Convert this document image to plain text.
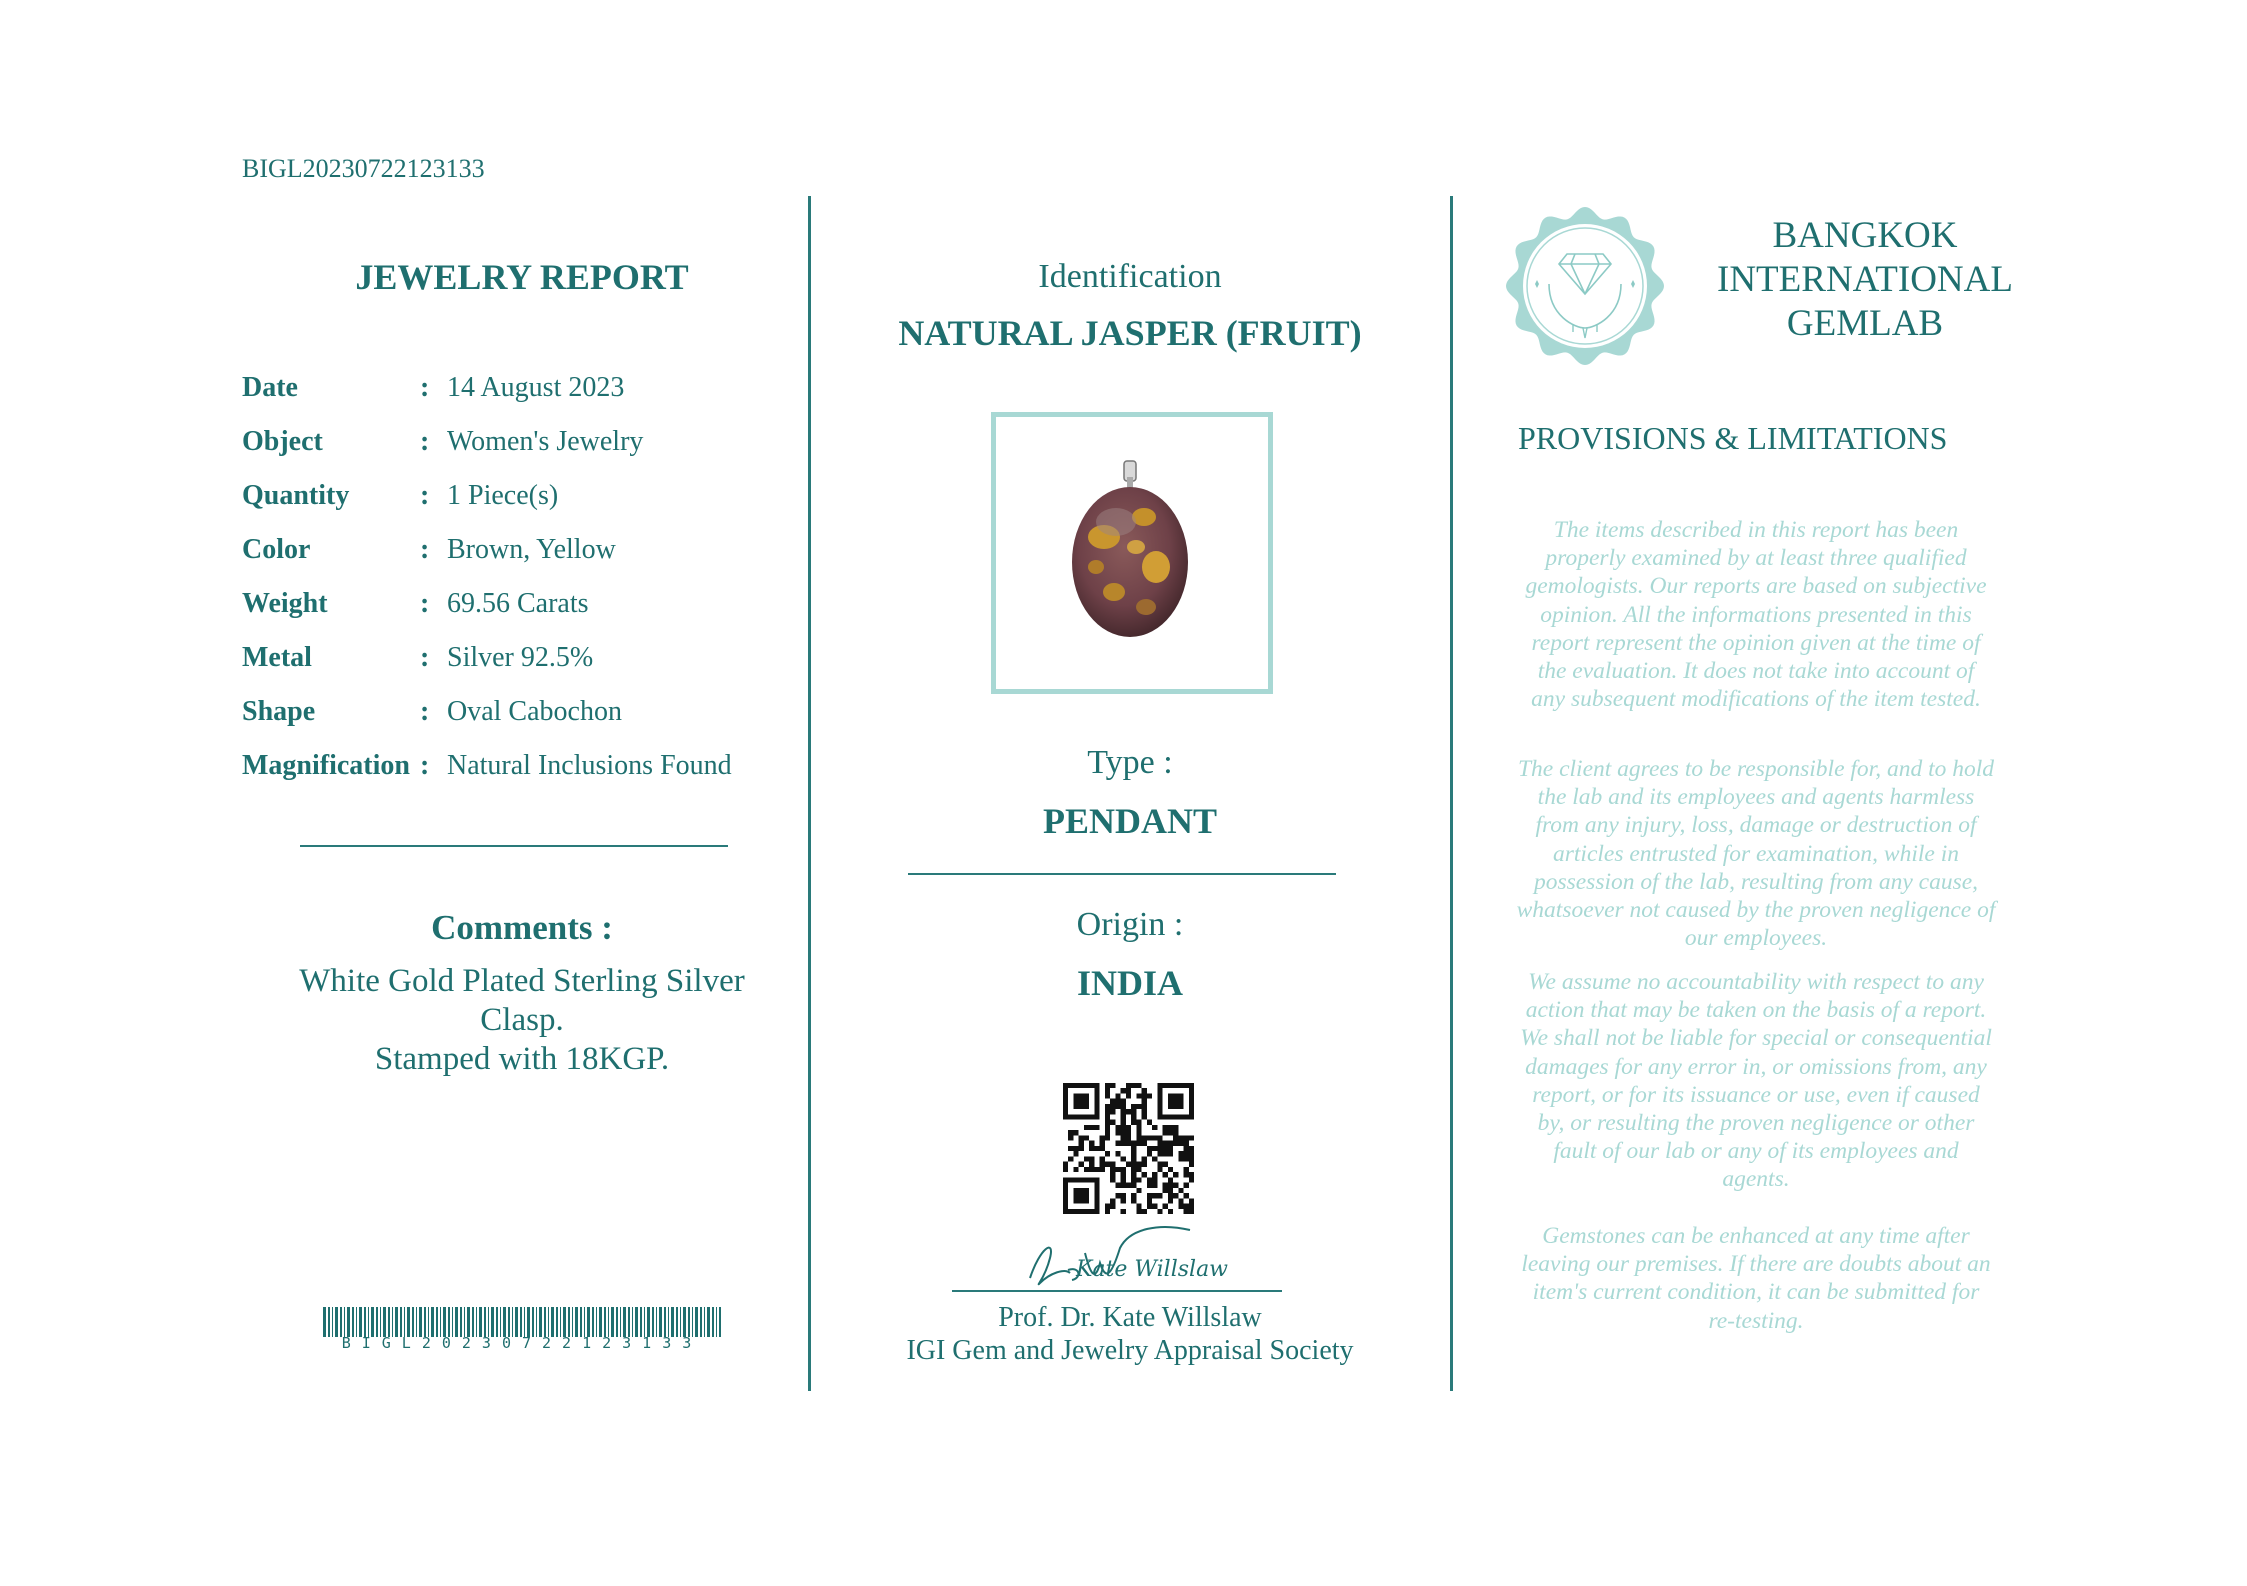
BIGL20230722123133
JEWELRY REPORT
Date	: 14 August 2023
Object	: Women's Jewelry
Quantity	: 1 Piece(s)
Color	: Brown, Yellow
Weight	: 69.56 Carats
Metal	: Silver 92.5%
Shape	: Oval Cabochon
Magnification : Natural Inclusions Found
Comments :
White Gold Plated Sterling Silver
Clasp.
Stamped with 18KGP.
BIGL20230722123133
Identification
NATURAL JASPER (FRUIT)
Type :
PENDANT
Origin :
INDIA
Kate Willslaw
Prof. Dr. Kate Willslaw
IGI Gem and Jewelry Appraisal Society
BANGKOK
INTERNATIONAL
GEMLAB
PROVISIONS & LIMITATIONS
The items described in this report has been
properly examined by at least three qualified
gemologists. Our reports are based on subjective
opinion. All the informations presented in this
report represent the opinion given at the time of
the evaluation. It does not take into account of
any subsequent modifications of the item tested.
The client agrees to be responsible for, and to hold
the lab and its employees and agents harmless
from any injury, loss, damage or destruction of
articles entrusted for examination, while in
possession of the lab, resulting from any cause,
whatsoever not caused by the proven negligence of
our employees.
We assume no accountability with respect to any
action that may be taken on the basis of a report.
We shall not be liable for special or consequential
damages for any error in, or omissions from, any
report, or for its issuance or use, even if caused
by, or resulting the proven negligence or other
fault of our lab or any of its employees and
agents.
Gemstones can be enhanced at any time after
leaving our premises. If there are doubts about an
item's current condition, it can be submitted for
re-testing.
